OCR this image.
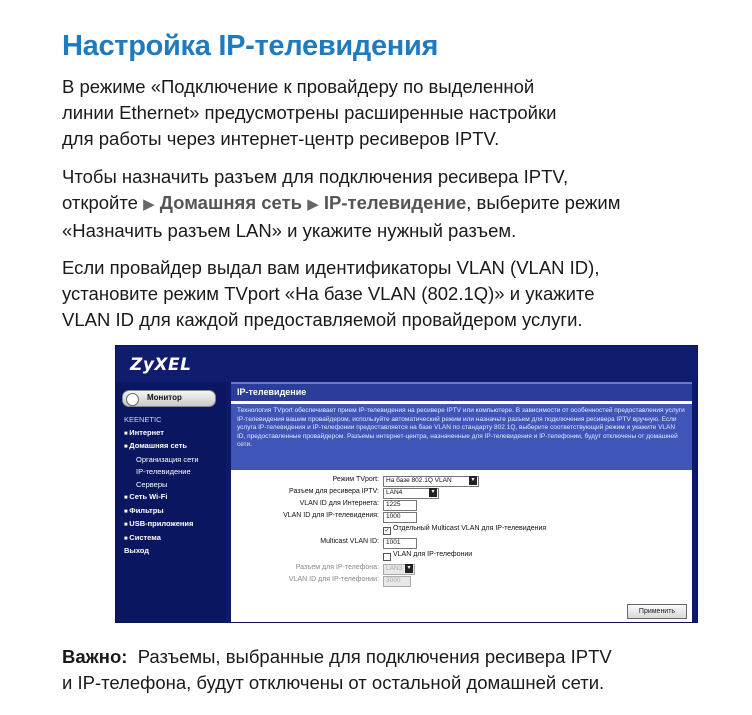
Настройка IP-телевидения
В режиме «Подключение к провайдеру по выделенной
линии Ethernet» предусмотрены расширенные настройки
для работы через интернет-центр ресиверов IPTV.
Чтобы назначить разъем для подключения ресивера IPTV,
откройте ▶ Домашняя сеть ▶ IP-телевидение, выберите режим
«Назначить разъем LAN» и укажите нужный разъем.
Если провайдер выдал вам идентификаторы VLAN (VLAN ID),
установите режим TVport «На базе VLAN (802.1Q)» и укажите
VLAN ID для каждой предоставляемой провайдером услуги.
ZyXEL
Монитор
KEENETIC
■ Интернет
■ Домашняя сеть
Организация сети
IP-телевидение
Серверы
■ Сеть Wi-Fi
■ Фильтры
■ USB-приложения
■ Система
Выход
IP-телевидение
Технология TVport обеспечивает прием IP-телевидения на ресивере IPTV или компьютере. В зависимости от особенностей предоставления услуги IP-телевидения вашим провайдером, используйте автоматический режим или назначьте разъем для подключения ресивера IPTV вручную. Если услуга IP-телевидения и IP-телефонии предоставляется на базе VLAN по стандарту 802.1Q, выберите соответствующий режим и укажите VLAN ID, предоставленные провайдером. Разъемы интернет-центра, назначенные для IP-телевидения и IP-телефонии, будут отключены от домашней сети.
Режим TVport:	На базе 802.1Q VLAN ▾
Разъем для ресивера IPTV:	LAN4 ▾
VLAN ID для Интернета:	1225
VLAN ID для IP-телевидения:	1000
✓ Отдельный Multicast VLAN для IP-телевидения
Multicast VLAN ID:	1001
VLAN для IP-телефонии
Разъем для IP-телефона:	LAN3 ▾
VLAN ID для IP-телефонии:	3000
Применить
Важно: Разъемы, выбранные для подключения ресивера IPTV
и IP-телефона, будут отключены от остальной домашней сети.
